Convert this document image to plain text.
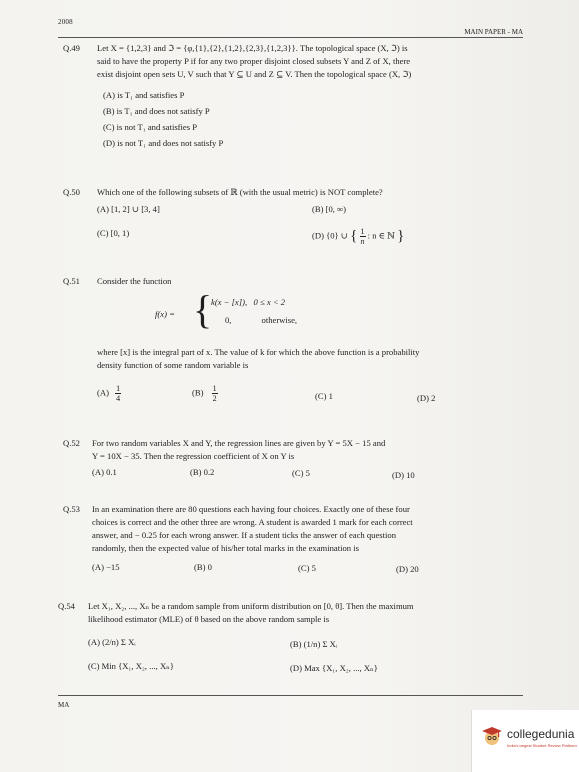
2008
MAIN PAPER - MA
Q.49 Let X = {1,2,3} and ℑ = {φ,{1},{2},{1,2},{2,3},{1,2,3}}. The topological space (X, ℑ) is
said to have the property P if for any two proper disjoint closed subsets Y and Z of X, there
exist disjoint open sets U, V such that Y ⊆ U and Z ⊆ V. Then the topological space (X, ℑ)
(A) is T₁ and satisfies P
(B) is T₁ and does not satisfy P
(C) is not T₁ and satisfies P
(D) is not T₁ and does not satisfy P
Q.50 Which one of the following subsets of ℝ (with the usual metric) is NOT complete?
(A) [1, 2] ∪ [3, 4]	(B) [0, ∞)
(C) [0, 1)	(D) {0} ∪ { $\frac{1}{n}$ : n ∈ ℕ }
Q.51 Consider the function
f(x) = {
k(x − [x]),   0 ≤ x < 2
0,              otherwise,
where [x] is the integral part of x. The value of k for which the above function is a probability
density function of some random variable is
$(A) \frac{1}{4}$	$(B) \frac{1}{2}$	(C) 1	(D) 2
Q.52 For two random variables X and Y, the regression lines are given by Y = 5X − 15 and
Y = 10X − 35. Then the regression coefficient of X on Y is
(A) 0.1	(B) 0.2	(C) 5	(D) 10
Q.53 In an examination there are 80 questions each having four choices. Exactly one of these four
choices is correct and the other three are wrong. A student is awarded 1 mark for each correct
answer, and − 0.25 for each wrong answer. If a student ticks the answer of each question
randomly, then the expected value of his/her total marks in the examination is
(A) −15	(B) 0	(C) 5	(D) 20
Q.54 Let X₁, X₂, ..., Xₙ be a random sample from uniform distribution on [0, θ]. Then the maximum
likelihood estimator (MLE) of θ based on the above random sample is
(A) (2/n) Σ Xᵢ	(B) (1/n) Σ Xᵢ
(C) Min {X₁, X₂, ..., Xₙ}	(D) Max {X₁, X₂, ..., Xₙ}
MA
collegedunia
India's largest Student Review Platform
